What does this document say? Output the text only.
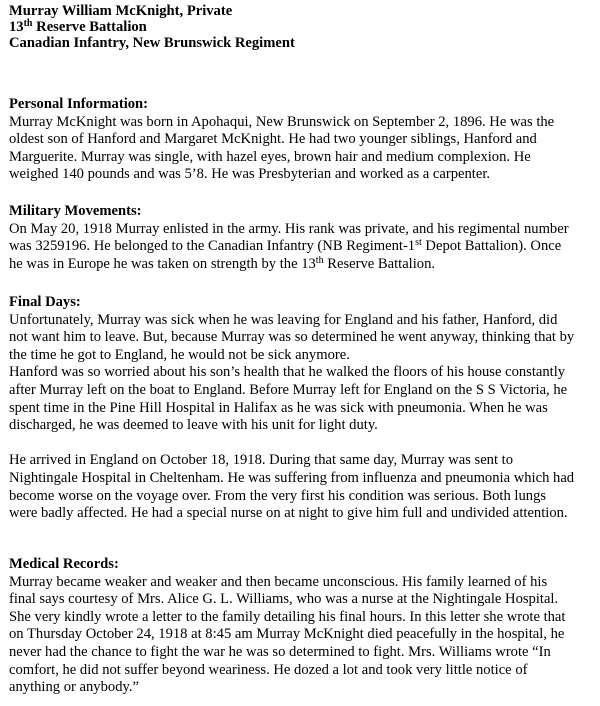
Murray William McKnight, Private
13th Reserve Battalion
Canadian Infantry, New Brunswick Regiment
Personal Information:

Murray McKnight was born in Apohaqui, New Brunswick on September 2, 1896. He was the

oldest son of Hanford and Margaret McKnight. He had two younger siblings, Hanford and

Marguerite. Murray was single, with hazel eyes, brown hair and medium complexion. He

weighed 140 pounds and was 5’8. He was Presbyterian and worked as a carpenter.

Military Movements:

On May 20, 1918 Murray enlisted in the army. His rank was private, and his regimental number

was 3259196. He belonged to the Canadian Infantry (NB Regiment-1st Depot Battalion). Once

he was in Europe he was taken on strength by the 13th Reserve Battalion.

Final Days:

Unfortunately, Murray was sick when he was leaving for England and his father, Hanford, did

not want him to leave. But, because Murray was so determined he went anyway, thinking that by

the time he got to England, he would not be sick anymore.

Hanford was so worried about his son’s health that he walked the floors of his house constantly

after Murray left on the boat to England. Before Murray left for England on the S S Victoria, he

spent time in the Pine Hill Hospital in Halifax as he was sick with pneumonia. When he was

discharged, he was deemed to leave with his unit for light duty.

He arrived in England on October 18, 1918. During that same day, Murray was sent to

Nightingale Hospital in Cheltenham. He was suffering from influenza and pneumonia which had

become worse on the voyage over. From the very first his condition was serious. Both lungs

were badly affected. He had a special nurse on at night to give him full and undivided attention.

Medical Records:

Murray became weaker and weaker and then became unconscious. His family learned of his

final says courtesy of Mrs. Alice G. L. Williams, who was a nurse at the Nightingale Hospital.

She very kindly wrote a letter to the family detailing his final hours. In this letter she wrote that

on Thursday October 24, 1918 at 8:45 am Murray McKnight died peacefully in the hospital, he

never had the chance to fight the war he was so determined to fight. Mrs. Williams wrote “In

comfort, he did not suffer beyond weariness. He dozed a lot and took very little notice of

anything or anybody.”
